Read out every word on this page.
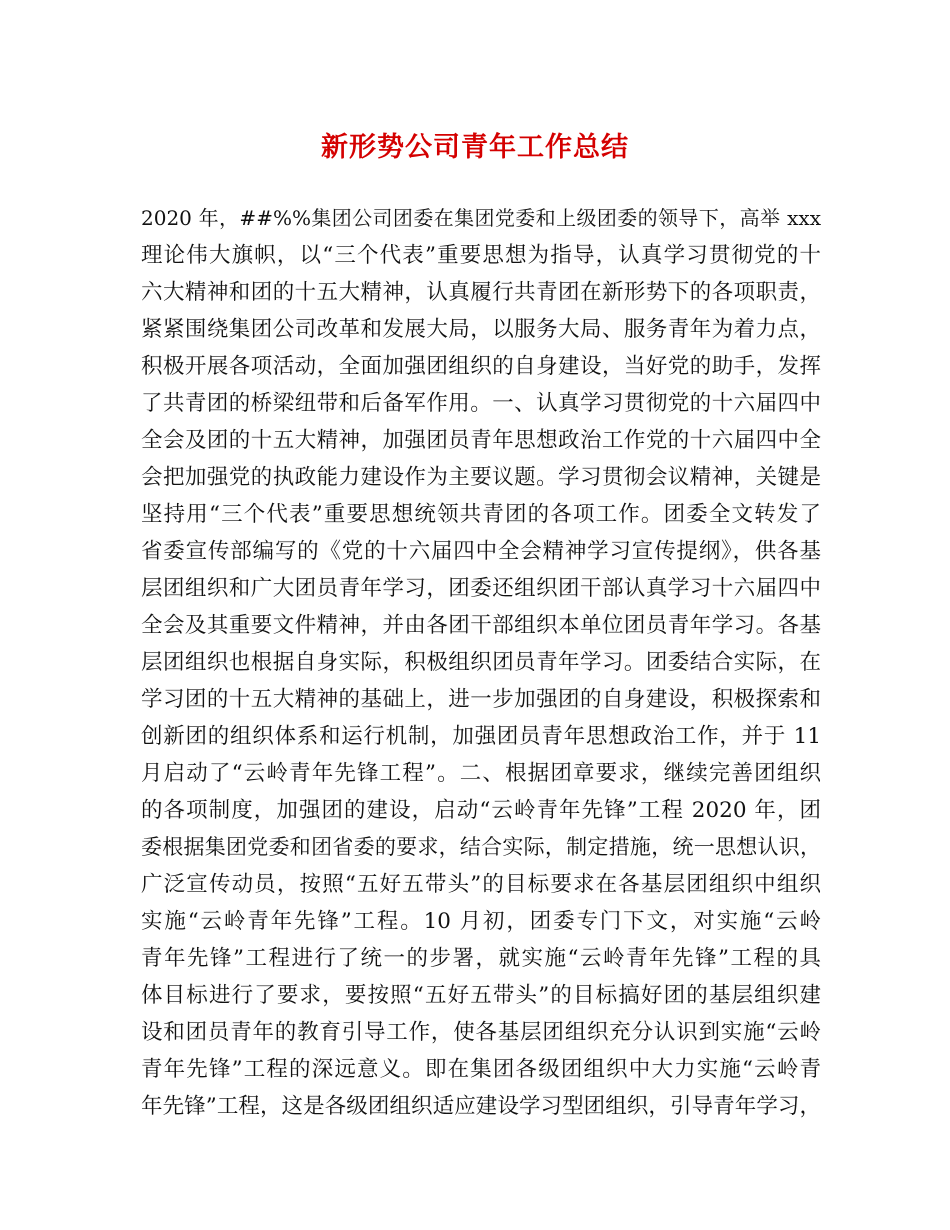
新形势公司青年工作总结
2020 年，##%%集团公司团委在集团党委和上级团委的领导下，高举 xxx
理论伟大旗帜，以“三个代表”重要思想为指导，认真学习贯彻党的十
六大精神和团的十五大精神，认真履行共青团在新形势下的各项职责，
紧紧围绕集团公司改革和发展大局，以服务大局、服务青年为着力点，
积极开展各项活动，全面加强团组织的自身建设，当好党的助手，发挥
了共青团的桥梁纽带和后备军作用。一、认真学习贯彻党的十六届四中
全会及团的十五大精神，加强团员青年思想政治工作党的十六届四中全
会把加强党的执政能力建设作为主要议题。学习贯彻会议精神，关键是
坚持用“三个代表”重要思想统领共青团的各项工作。团委全文转发了
省委宣传部编写的《党的十六届四中全会精神学习宣传提纲》，供各基
层团组织和广大团员青年学习，团委还组织团干部认真学习十六届四中
全会及其重要文件精神，并由各团干部组织本单位团员青年学习。各基
层团组织也根据自身实际，积极组织团员青年学习。团委结合实际，在
学习团的十五大精神的基础上，进一步加强团的自身建设，积极探索和
创新团的组织体系和运行机制，加强团员青年思想政治工作，并于 11
月启动了“云岭青年先锋工程”。二、根据团章要求，继续完善团组织
的各项制度，加强团的建设，启动“云岭青年先锋”工程 2020 年，团
委根据集团党委和团省委的要求，结合实际，制定措施，统一思想认识，
广泛宣传动员，按照“五好五带头”的目标要求在各基层团组织中组织
实施“云岭青年先锋”工程。10 月初，团委专门下文，对实施“云岭
青年先锋”工程进行了统一的步署，就实施“云岭青年先锋”工程的具
体目标进行了要求，要按照“五好五带头”的目标搞好团的基层组织建
设和团员青年的教育引导工作，使各基层团组织充分认识到实施“云岭
青年先锋”工程的深远意义。即在集团各级团组织中大力实施“云岭青
年先锋”工程，这是各级团组织适应建设学习型团组织，引导青年学习，
